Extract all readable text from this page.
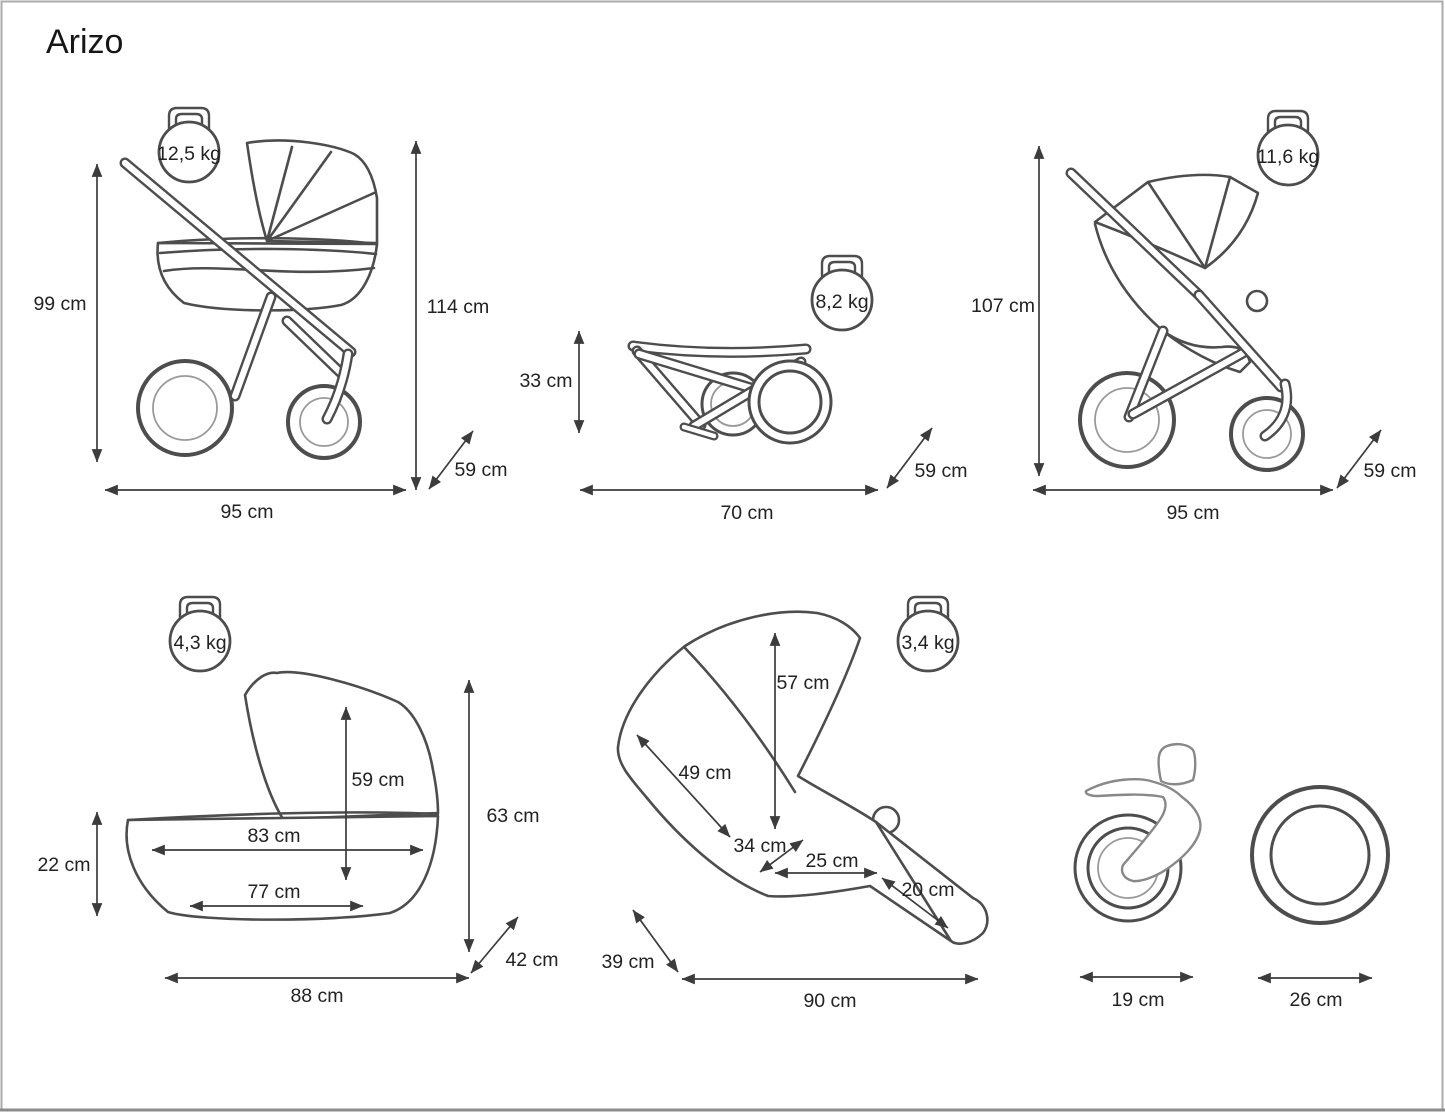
Arizo
12,5 kg
99 cm	114 cm
95 cm
59 cm
8,2 kg
33 cm
70 cm
59 cm
11,6 kg
107 cm
95 cm
59 cm
4,3 kg
22 cm
83 cm
77 cm
59 cm
63 cm
42 cm
88 cm
3,4 kg
57 cm
49 cm
34 cm
25 cm
20 cm
39 cm
90 cm	19 cm	26 cm
